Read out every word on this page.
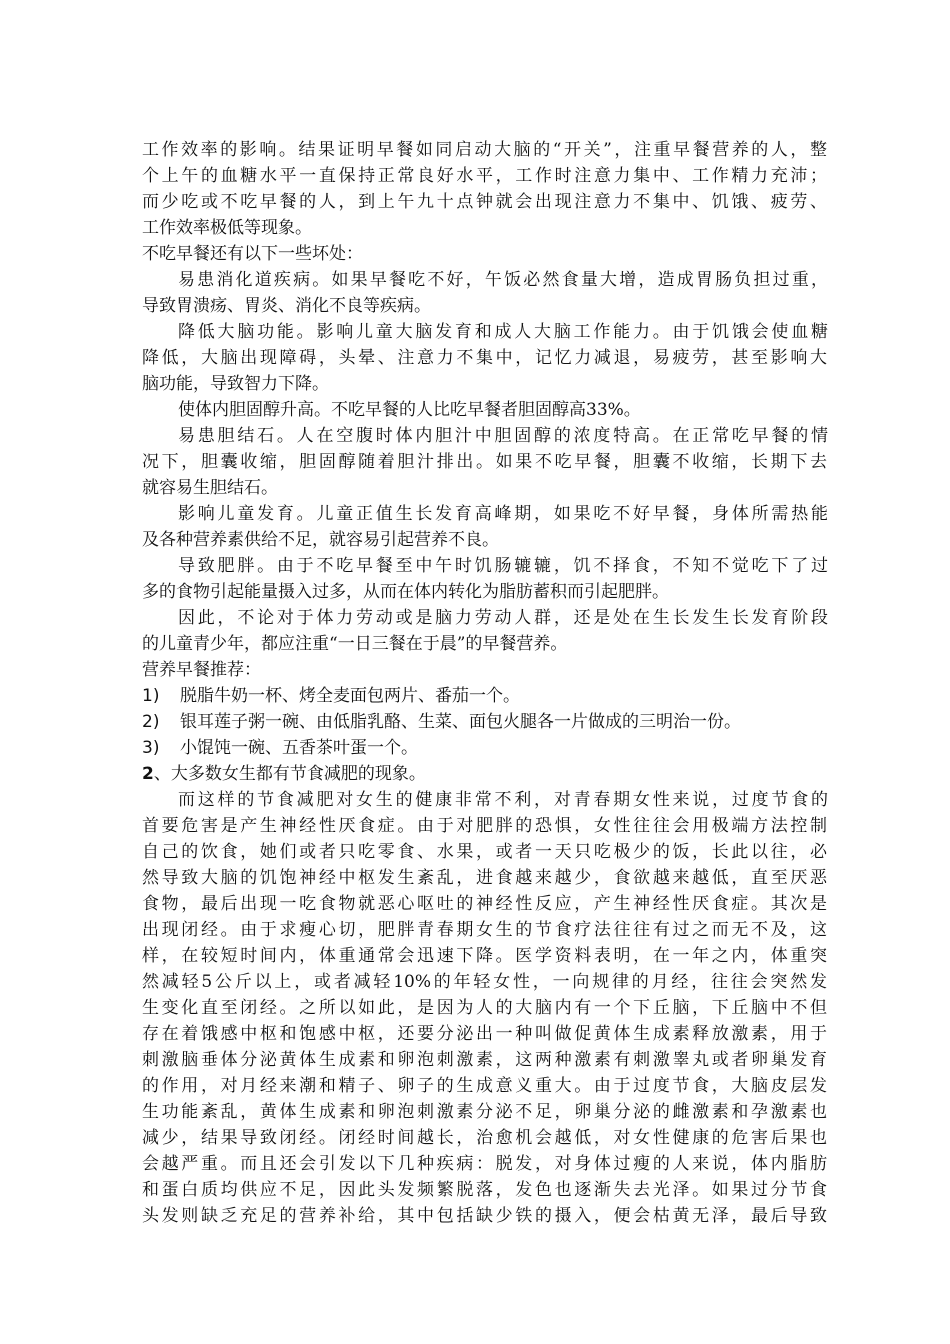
工作效率的影响。结果证明早餐如同启动大脑的“开关”，注重早餐营养的人，整
个上午的血糖水平一直保持正常良好水平，工作时注意力集中、工作精力充沛；
而少吃或不吃早餐的人，到上午九十点钟就会出现注意力不集中、饥饿、疲劳、
工作效率极低等现象。
不吃早餐还有以下一些坏处：
易患消化道疾病。如果早餐吃不好，午饭必然食量大增，造成胃肠负担过重，
导致胃溃疡、胃炎、消化不良等疾病。
降低大脑功能。影响儿童大脑发育和成人大脑工作能力。由于饥饿会使血糖
降低，大脑出现障碍，头晕、注意力不集中，记忆力减退，易疲劳，甚至影响大
脑功能，导致智力下降。
使体内胆固醇升高。不吃早餐的人比吃早餐者胆固醇高33%。
易患胆结石。人在空腹时体内胆汁中胆固醇的浓度特高。在正常吃早餐的情
况下，胆囊收缩，胆固醇随着胆汁排出。如果不吃早餐，胆囊不收缩，长期下去
就容易生胆结石。
影响儿童发育。儿童正值生长发育高峰期，如果吃不好早餐，身体所需热能
及各种营养素供给不足，就容易引起营养不良。
导致肥胖。由于不吃早餐至中午时饥肠辘辘，饥不择食，不知不觉吃下了过
多的食物引起能量摄入过多，从而在体内转化为脂肪蓄积而引起肥胖。
因此，不论对于体力劳动或是脑力劳动人群，还是处在生长发生长发育阶段
的儿童青少年，都应注重“一日三餐在于晨”的早餐营养。
营养早餐推荐：
1) 脱脂牛奶一杯、烤全麦面包两片、番茄一个。
2) 银耳莲子粥一碗、由低脂乳酪、生菜、面包火腿各一片做成的三明治一份。
3) 小馄饨一碗、五香茶叶蛋一个。
2、大多数女生都有节食减肥的现象。
而这样的节食减肥对女生的健康非常不利，对青春期女性来说，过度节食的
首要危害是产生神经性厌食症。由于对肥胖的恐惧，女性往往会用极端方法控制
自己的饮食，她们或者只吃零食、水果，或者一天只吃极少的饭，长此以往，必
然导致大脑的饥饱神经中枢发生紊乱，进食越来越少，食欲越来越低，直至厌恶
食物，最后出现一吃食物就恶心呕吐的神经性反应，产生神经性厌食症。其次是
出现闭经。由于求瘦心切，肥胖青春期女生的节食疗法往往有过之而无不及，这
样，在较短时间内，体重通常会迅速下降。医学资料表明，在一年之内，体重突
然减轻5公斤以上，或者减轻10%的年轻女性，一向规律的月经，往往会突然发
生变化直至闭经。之所以如此，是因为人的大脑内有一个下丘脑，下丘脑中不但
存在着饿感中枢和饱感中枢，还要分泌出一种叫做促黄体生成素释放激素，用于
刺激脑垂体分泌黄体生成素和卵泡刺激素，这两种激素有刺激睾丸或者卵巢发育
的作用，对月经来潮和精子、卵子的生成意义重大。由于过度节食，大脑皮层发
生功能紊乱，黄体生成素和卵泡刺激素分泌不足，卵巢分泌的雌激素和孕激素也
减少，结果导致闭经。闭经时间越长，治愈机会越低，对女性健康的危害后果也
会越严重。而且还会引发以下几种疾病：脱发，对身体过瘦的人来说，体内脂肪
和蛋白质均供应不足，因此头发频繁脱落，发色也逐渐失去光泽。如果过分节食
头发则缺乏充足的营养补给，其中包括缺少铁的摄入，便会枯黄无泽，最后导致
